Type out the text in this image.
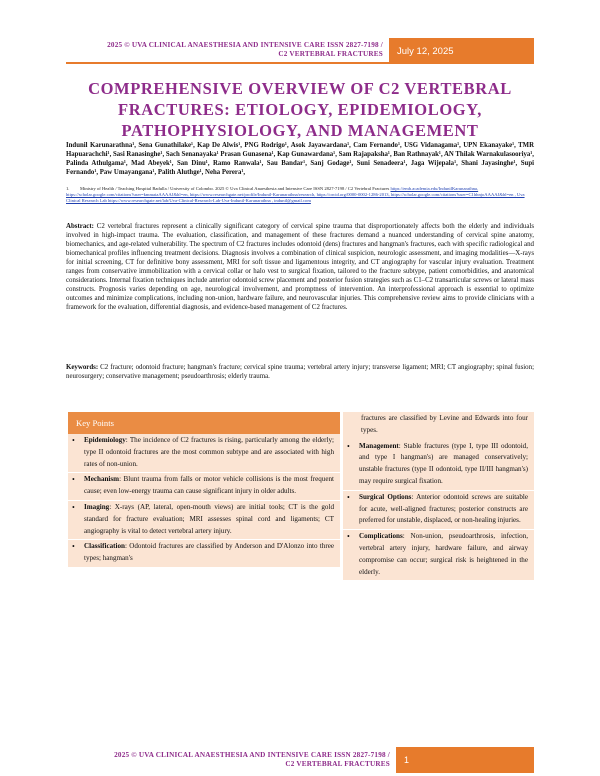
2025 © UVA CLINICAL ANAESTHESIA AND INTENSIVE CARE ISSN 2827-7198 /
C2 VERTEBRAL FRACTURES	July 12, 2025
COMPREHENSIVE OVERVIEW OF C2 VERTEBRAL FRACTURES: ETIOLOGY, EPIDEMIOLOGY, PATHOPHYSIOLOGY, AND MANAGEMENT
Indunil Karunarathna¹, Sena Gunathilake¹, Kap De Alwis¹, PNG Rodrigo¹, Asok Jayawardana¹, Cam Fernando¹, USG Vidanagama¹, UPN Ekanayake¹, TMR Hapuarachchi¹, Sasi Ranasinghe¹, Sach Senanayaka¹ Prasan Gunasena¹, Kap Gunawardana¹, Sam Rajapaksha¹, Ban Rathnayak¹, AN Thilak Warnakulasooriya¹, Palinda Athulgama¹, Mad Abeyek¹, San Dinu¹, Ramo Ranwala¹, Sau Bandar¹, Sanj Godage¹, Suni Senadeera¹, Jaga Wijepala¹, Shani Jayasinghe¹, Supi Fernando¹, Paw Umayangana¹, Palith Aluthge¹, Neha Perera¹,
1. Ministry of Health / Teaching Hospital Badulla / University of Colombo. 2025 © Uva Clinical Anaesthesia and Intensive Care ISSN 2827-7198 / C2 Vertebral Fractures https://emb.academia.edu/IndunilKarunarathna, https://scholar.google.com/citations?user=kmmaiaAAAAJ&hl=en, https://www.researchgate.net/profile/Indunil-Karunarathna/research, https://orcid.org/0000-0002-1286-2013, https://scholar.google.com/citations?user=C1hhnjoAAAAJ&hl=en , Uva Clinical Research Lab https://www.researchgate.net/lab/Uva-Clinical-Research-Lab-Uva-Indunil-Karunarathna , indunil@gmail.com

Abstract: C2 vertebral fractures represent a clinically significant category of cervical spine trauma that disproportionately affects both the elderly and individuals involved in high-impact trauma. The evaluation, classification, and management of these fractures demand a nuanced understanding of cervical spine anatomy, biomechanics, and age-related vulnerability. The spectrum of C2 fractures includes odontoid (dens) fractures and hangman's fractures, each with specific radiological and biomechanical profiles influencing treatment decisions. Diagnosis involves a combination of clinical suspicion, neurologic assessment, and imaging modalities—X-rays for initial screening, CT for definitive bony assessment, MRI for soft tissue and ligamentous integrity, and CT angiography for vascular injury evaluation. Treatment ranges from conservative immobilization with a cervical collar or halo vest to surgical fixation, tailored to the fracture subtype, patient comorbidities, and anatomical considerations. Internal fixation techniques include anterior odontoid screw placement and posterior fusion strategies such as C1–C2 transarticular screws or lateral mass constructs. Prognosis varies depending on age, neurological involvement, and promptness of intervention. An interprofessional approach is essential to optimize outcomes and minimize complications, including non-union, hardware failure, and neurovascular injuries. This comprehensive review aims to provide clinicians with a framework for the evaluation, differential diagnosis, and evidence-based management of C2 fractures.

Keywords: C2 fracture; odontoid fracture; hangman's fracture; cervical spine trauma; vertebral artery injury; transverse ligament; MRI; CT angiography; spinal fusion; neurosurgery; conservative management; pseudoarthrosis; elderly trauma.

Key Points
•	Epidemiology: The incidence of C2 fractures is rising, particularly among the elderly; type II odontoid fractures are the most common subtype and are associated with high rates of non-union.
•	Mechanism: Blunt trauma from falls or motor vehicle collisions is the most frequent cause; even low-energy trauma can cause significant injury in older adults.
•	Imaging: X-rays (AP, lateral, open-mouth views) are initial tools; CT is the gold standard for fracture evaluation; MRI assesses spinal cord and ligaments; CT angiography is vital to detect vertebral artery injury.
•	Classification: Odontoid fractures are classified by Anderson and D'Alonzo into three types; hangman's
fractures are classified by Levine and Edwards into four types.
•	Management: Stable fractures (type I, type III odontoid, and type I hangman's) are managed conservatively; unstable fractures (type II odontoid, type II/III hangman's) may require surgical fixation.
•	Surgical Options: Anterior odontoid screws are suitable for acute, well-aligned fractures; posterior constructs are preferred for unstable, displaced, or non-healing injuries.
•	Complications: Non-union, pseudoarthrosis, infection, vertebral artery injury, hardware failure, and airway compromise can occur; surgical risk is heightened in the elderly.
2025 © UVA CLINICAL ANAESTHESIA AND INTENSIVE CARE ISSN 2827-7198 /
C2 VERTEBRAL FRACTURES	1
